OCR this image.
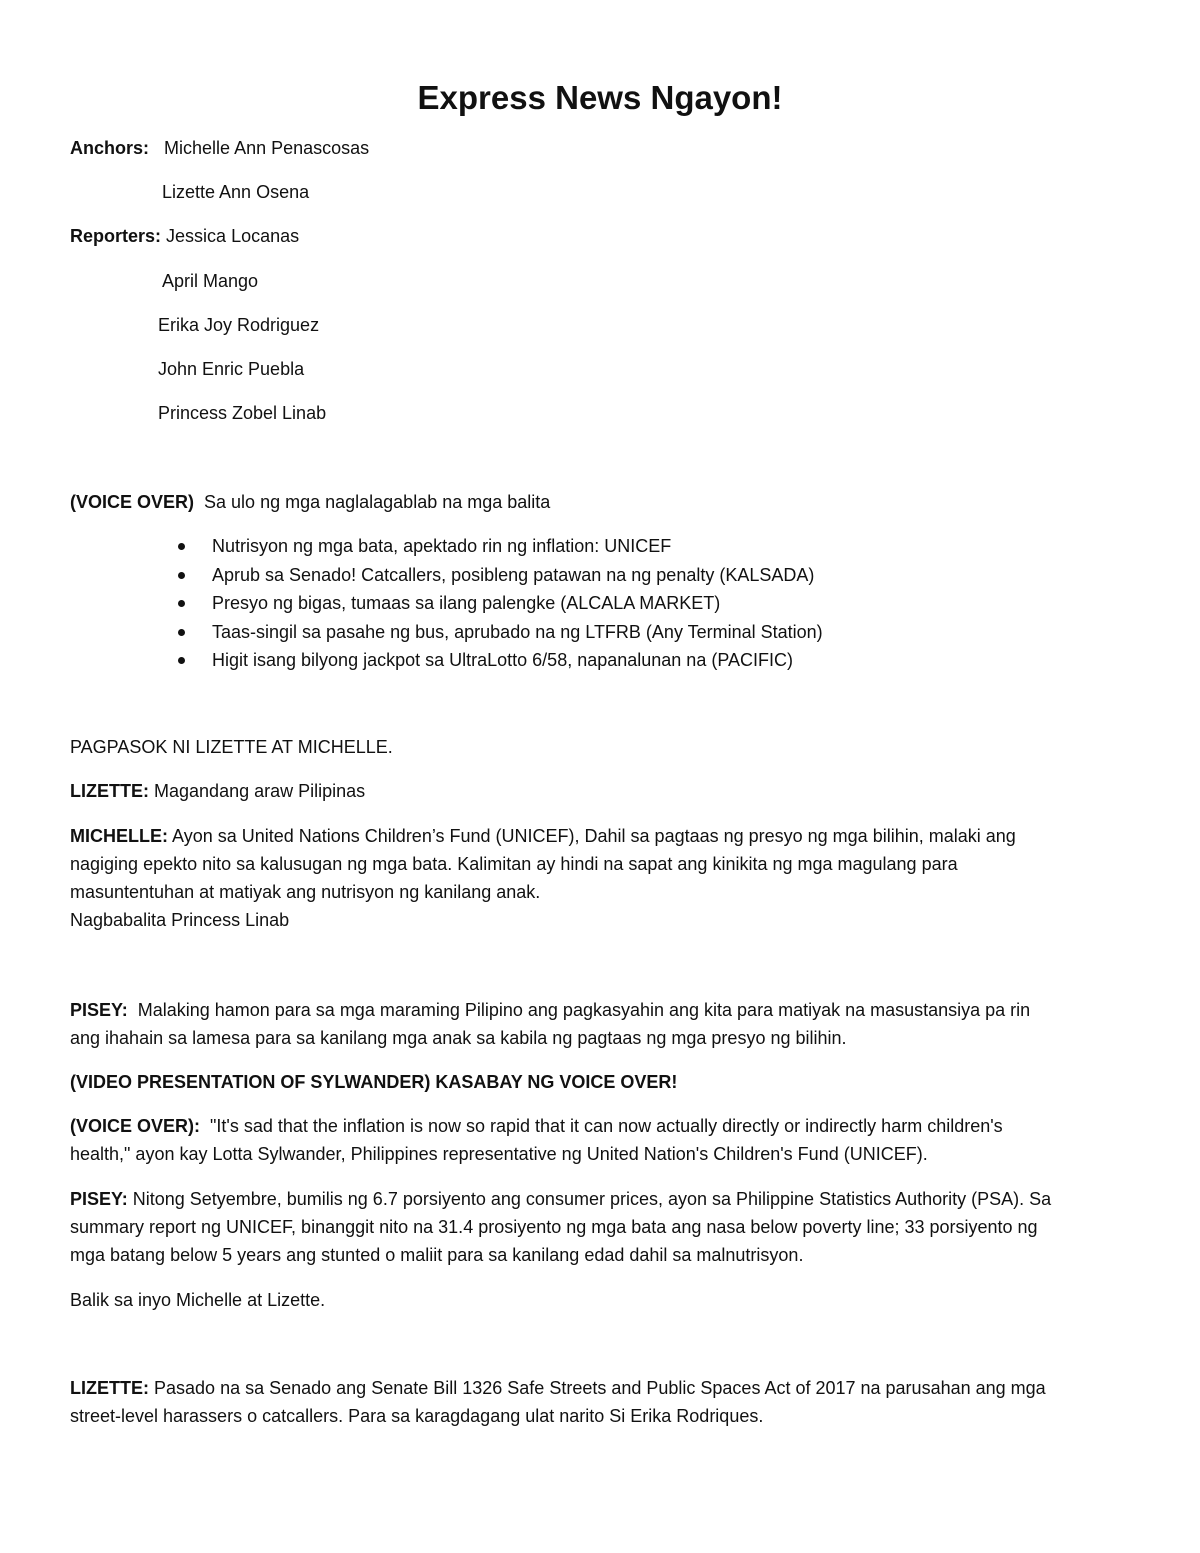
Express News Ngayon!
Anchors: Michelle Ann Penascosas
Lizette Ann Osena
Reporters: Jessica Locanas
April Mango
Erika Joy Rodriguez
John Enric Puebla
Princess Zobel Linab
(VOICE OVER) Sa ulo ng mga naglalagablab na mga balita
Nutrisyon ng mga bata, apektado rin ng inflation: UNICEF
Aprub sa Senado! Catcallers, posibleng patawan na ng penalty (KALSADA)
Presyo ng bigas, tumaas sa ilang palengke (ALCALA MARKET)
Taas-singil sa pasahe ng bus, aprubado na ng LTFRB (Any Terminal Station)
Higit isang bilyong jackpot sa UltraLotto 6/58, napanalunan na (PACIFIC)
PAGPASOK NI LIZETTE AT MICHELLE.
LIZETTE: Magandang araw Pilipinas

MICHELLE: Ayon sa United Nations Children’s Fund (UNICEF), Dahil sa pagtaas ng presyo ng mga bilihin, malaki ang

nagiging epekto nito sa kalusugan ng mga bata. Kalimitan ay hindi na sapat ang kinikita ng mga magulang para

masuntentuhan at matiyak ang nutrisyon ng kanilang anak.

Nagbabalita Princess Linab

PISEY: Malaking hamon para sa mga maraming Pilipino ang pagkasyahin ang kita para matiyak na masustansiya pa rin

ang ihahain sa lamesa para sa kanilang mga anak sa kabila ng pagtaas ng mga presyo ng bilihin.

(VIDEO PRESENTATION OF SYLWANDER) KASABAY NG VOICE OVER!

(VOICE OVER): "It's sad that the inflation is now so rapid that it can now actually directly or indirectly harm children's

health," ayon kay Lotta Sylwander, Philippines representative ng United Nation's Children's Fund (UNICEF).

PISEY: Nitong Setyembre, bumilis ng 6.7 porsiyento ang consumer prices, ayon sa Philippine Statistics Authority (PSA). Sa

summary report ng UNICEF, binanggit nito na 31.4 prosiyento ng mga bata ang nasa below poverty line; 33 porsiyento ng

mga batang below 5 years ang stunted o maliit para sa kanilang edad dahil sa malnutrisyon.

Balik sa inyo Michelle at Lizette.

LIZETTE: Pasado na sa Senado ang Senate Bill 1326 Safe Streets and Public Spaces Act of 2017 na parusahan ang mga

street-level harassers o catcallers. Para sa karagdagang ulat narito Si Erika Rodriques.
